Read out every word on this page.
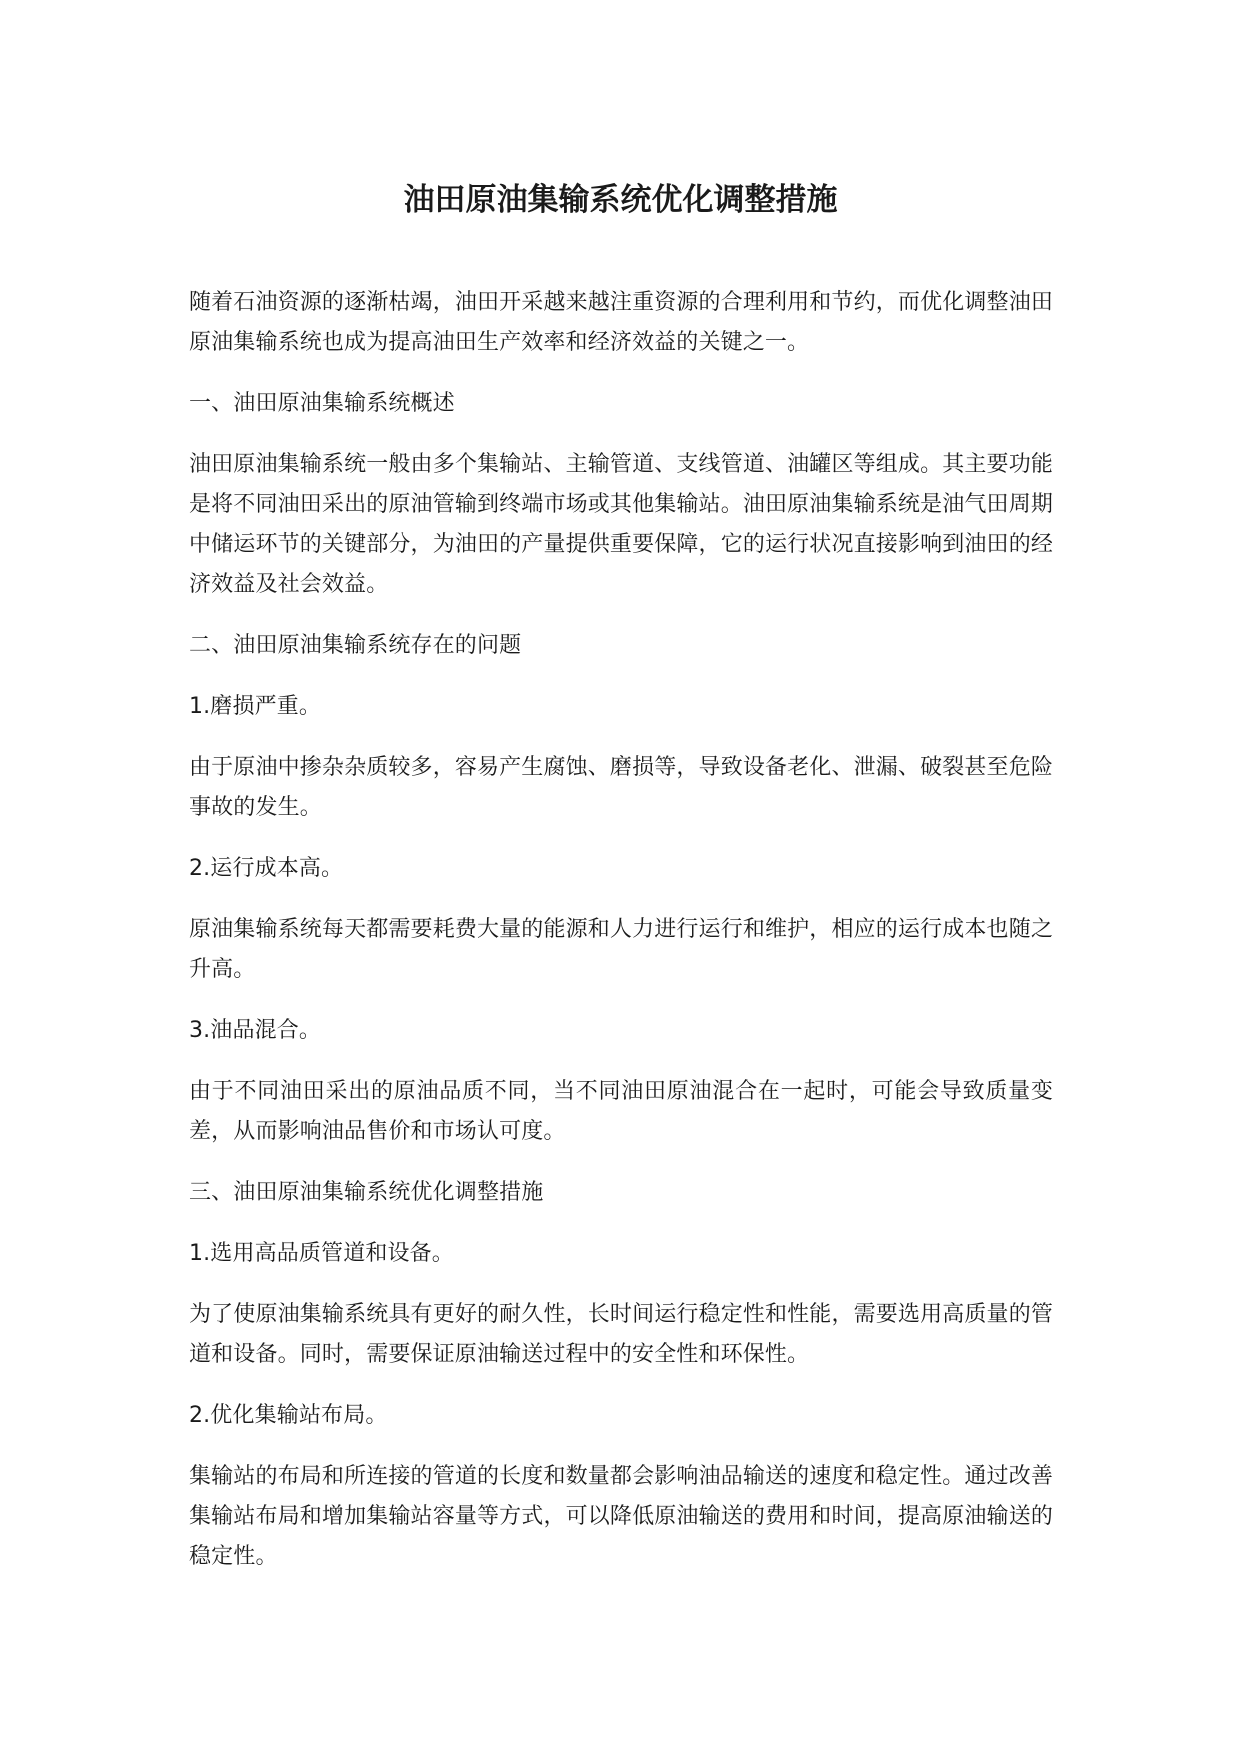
油田原油集输系统优化调整措施

随着石油资源的逐渐枯竭，油田开采越来越注重资源的合理利用和节约，而优化调整油田原油集输系统也成为提高油田生产效率和经济效益的关键之一。

一、油田原油集输系统概述

油田原油集输系统一般由多个集输站、主输管道、支线管道、油罐区等组成。其主要功能是将不同油田采出的原油管输到终端市场或其他集输站。油田原油集输系统是油气田周期中储运环节的关键部分，为油田的产量提供重要保障，它的运行状况直接影响到油田的经济效益及社会效益。

二、油田原油集输系统存在的问题

1.磨损严重。

由于原油中掺杂杂质较多，容易产生腐蚀、磨损等，导致设备老化、泄漏、破裂甚至危险事故的发生。

2.运行成本高。

原油集输系统每天都需要耗费大量的能源和人力进行运行和维护，相应的运行成本也随之升高。

3.油品混合。

由于不同油田采出的原油品质不同，当不同油田原油混合在一起时，可能会导致质量变差，从而影响油品售价和市场认可度。

三、油田原油集输系统优化调整措施

1.选用高品质管道和设备。

为了使原油集输系统具有更好的耐久性，长时间运行稳定性和性能，需要选用高质量的管道和设备。同时，需要保证原油输送过程中的安全性和环保性。

2.优化集输站布局。

集输站的布局和所连接的管道的长度和数量都会影响油品输送的速度和稳定性。通过改善集输站布局和增加集输站容量等方式，可以降低原油输送的费用和时间，提高原油输送的稳定性。
